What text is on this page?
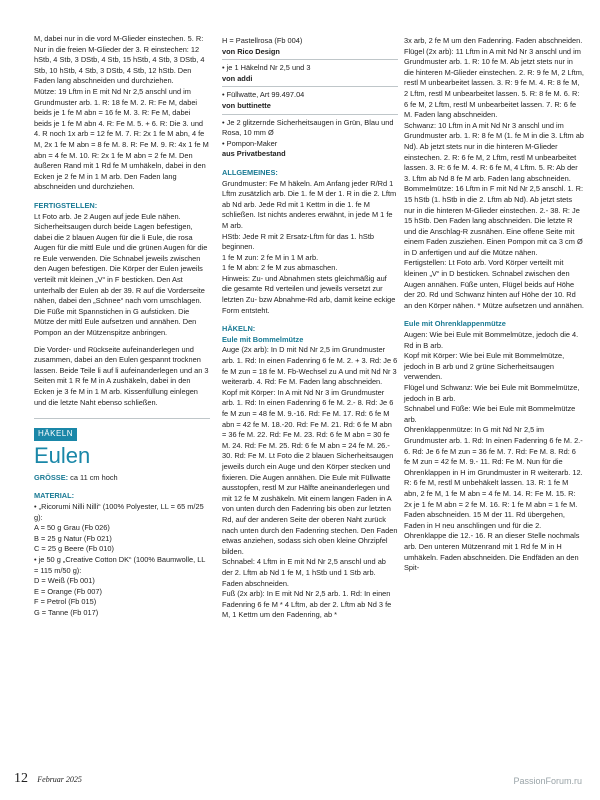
M, dabei nur in die vord M-Glieder einstechen. 5. R: Nur in die freien M-Glieder der 3. R einstechen: 12 hStb, 4 Stb, 3 DStb, 4 Stb, 15 hStb, 4 Stb, 3 DStb, 4 Stb, 10 hStb, 4 Stb, 3 DStb, 4 Stb, 12 hStb. Den Faden lang abschneiden und durchziehen.

Mütze: 19 Lftm in E mit Nd Nr 2,5 anschl und im Grundmuster arb. 1. R: 18 fe M. 2. R: Fe M, dabei beids je 1 fe M abn = 16 fe M. 3. R: Fe M, dabei beids je 1 fe M abn 4. R: Fe M. 5. + 6. R: Die 3. und 4. R noch 1x arb = 12 fe M. 7. R: 2x 1 fe M abn, 4 fe M, 2x 1 fe M abn = 8 fe M. 8. R: Fe M. 9. R: 4x 1 fe M abn = 4 fe M. 10. R: 2x 1 fe M abn = 2 fe M. Den äußeren Rand mit 1 Rd fe M umhäkeln, dabei in den Ecken je 2 fe M in 1 M arb. Den Faden lang abschneiden und durchziehen.

FERTIGSTELLEN:

Lt Foto arb. Je 2 Augen auf jede Eule nähen. Sicherheitsaugen durch beide Lagen befestigen, dabei die 2 blauen Augen für die li Eule, die rosa Augen für die mittl Eule und die grünen Augen für die re Eule verwenden. Die Schnabel jeweils zwischen den Augen befestigen. Die Körper der Eulen jeweils verteilt mit kleinen „V“ in F besticken. Den Ast unterhalb der Eulen ab der 39. R auf die Vorderseite nähen, dabei den „Schnee“ nach vorn umschlagen. Die Füße mit Spannstichen in G aufsticken. Die Mütze der mittl Eule aufsetzen und annähen. Den Pompon an der Mützenspitze anbringen.

Die Vorder- und Rückseite aufeinanderlegen und zusammen, dabei an den Eulen gespannt trocknen lassen. Beide Teile li auf li aufeinanderlegen und an 3 Seiten mit 1 R fe M in A zushäkeln, dabei in den Ecken je 3 fe M in 1 M arb. Kissenfüllung einlegen und die letzte Naht ebenso schließen.

HÄKELN
Eulen

GRÖSSE: ca 11 cm hoch

MATERIAL:

• „Ricorumi Nilli Nilli“ (100% Polyester, LL = 65 m/25 g):

A = 50 g Grau (Fb 026)

B = 25 g Natur (Fb 021)

C = 25 g Beere (Fb 010)

• je 50 g „Creative Cotton DK“ (100% Baumwolle, LL = 115 m/50 g):

D = Weiß (Fb 001)

E = Orange (Fb 007)

F = Petrol (Fb 015)

G = Tanne (Fb 017)

H = Pastellrosa (Fb 004)

von Rico Design

• je 1 Häkelnd Nr 2,5 und 3

von addi

• Füllwatte, Art 99.497.04

von buttinette

• Je 2 glitzernde Sicherheitsaugen in Grün, Blau und Rosa, 10 mm Ø

• Pompon-Maker

aus Privatbestand

ALLGEMEINES:

Grundmuster: Fe M häkeln. Am Anfang jeder R/Rd 1 Lftm zusätzlich arb. Die 1. fe M der 1. R in die 2. Lftm ab Nd arb. Jede Rd mit 1 Kettm in die 1. fe M schließen. Ist nichts anderes erwähnt, in jede M 1 fe M arb.

HStb: Jede R mit 2 Ersatz-Lftm für das 1. hStb beginnen.

1 fe M zun: 2 fe M in 1 M arb.

1 fe M abn: 2 fe M zus abmaschen.

Hinweis: Zu- und Abnahmen stets gleichmäßig auf die gesamte Rd verteilen und jeweils versetzt zur letzten Zu- bzw Abnahme-Rd arb, damit keine eckige Form entsteht.

HÄKELN:

Eule mit Bommelmütze

Auge (2x arb): In D mit Nd Nr 2,5 im Grundmuster arb. 1. Rd: In einen Fadenring 6 fe M. 2. + 3. Rd: Je 6 fe M zun = 18 fe M. Fb-Wechsel zu A und mit Nd Nr 3 weiterarb. 4. Rd: Fe M. Faden lang abschneiden.

Kopf mit Körper: In A mit Nd Nr 3 im Grundmuster arb. 1. Rd: In einen Fadenring 6 fe M. 2.- 8. Rd: Je 6 fe M zun = 48 fe M. 9.-16. Rd: Fe M. 17. Rd: 6 fe M abn = 42 fe M. 18.-20. Rd: Fe M. 21. Rd: 6 fe M abn = 36 fe M. 22. Rd: Fe M. 23. Rd: 6 fe M abn = 30 fe M. 24. Rd: Fe M. 25. Rd: 6 fe M abn = 24 fe M. 26.- 30. Rd: Fe M. Lt Foto die 2 blauen Sicherheitsaugen jeweils durch ein Auge und den Körper stecken und fixieren. Die Augen annähen. Die Eule mit Füllwatte ausstopfen, restl M zur Hälfte aneinanderlegen und mit 12 fe M zushäkeln. Mit einem langen Faden in A von unten durch den Fadenring bis oben zur letzten Rd, auf der anderen Seite der oberen Naht zurück nach unten durch den Fadenring stechen. Den Faden etwas anziehen, sodass sich oben kleine Ohrzipfel bilden.

Schnabel: 4 Lftm in E mit Nd Nr 2,5 anschl und ab der 2. Lftm ab Nd 1 fe M, 1 hStb und 1 Stb arb. Faden abschneiden.

Fuß (2x arb): In E mit Nd Nr 2,5 arb. 1. Rd: In einen Fadenring 6 fe M * 4 Lftm, ab der 2. Lftm ab Nd 3 fe M, 1 Kettm um den Fadenring, ab *

3x arb, 2 fe M um den Fadenring. Faden abschneiden.

Flügel (2x arb): 11 Lftm in A mit Nd Nr 3 anschl und im Grundmuster arb. 1. R: 10 fe M. Ab jetzt stets nur in die hinteren M-Glieder einstechen. 2. R: 9 fe M, 2 Lftm, restl M unbearbeitet lassen. 3. R: 9 fe M. 4. R: 8 fe M, 2 Lftm, restl M unbearbeitet lassen. 5. R: 8 fe M. 6. R: 6 fe M, 2 Lftm, restl M unbearbeitet lassen. 7. R: 6 fe M. Faden lang abschneiden.

Schwanz: 10 Lftm in A mit Nd Nr 3 anschl und im Grundmuster arb. 1. R: 8 fe M (1. fe M in die 3. Lftm ab Nd). Ab jetzt stets nur in die hinteren M-Glieder einstechen. 2. R: 6 fe M, 2 Lftm, restl M unbearbeitet lassen. 3. R: 6 fe M. 4. R: 6 fe M, 4 Lftm. 5. R: Ab der 3. Lftm ab Nd 8 fe M arb. Faden lang abschneiden.

Bommelmütze: 16 Lftm in F mit Nd Nr 2,5 anschl. 1. R: 15 hStb (1. hStb in die 2. Lftm ab Nd). Ab jetzt stets nur in die hinteren M-Glieder einstechen. 2.- 38. R: Je 15 hStb. Den Faden lang abschneiden. Die letzte R und die Anschlag-R zusnähen. Eine offene Seite mit einem Faden zusziehen. Einen Pompon mit ca 3 cm Ø in D anfertigen und auf die Mütze nähen.

Fertigstellen: Lt Foto arb. Vord Körper verteilt mit kleinen „V“ in D besticken. Schnabel zwischen den Augen annähen. Füße unten, Flügel beids auf Höhe der 20. Rd und Schwanz hinten auf Höhe der 10. Rd an den Körper nähen. * Mütze aufsetzen und annähen.

Eule mit Ohrenklappenmütze

Augen: Wie bei Eule mit Bommelmütze, jedoch die 4. Rd in B arb.

Kopf mit Körper: Wie bei Eule mit Bommelmütze, jedoch in B arb und 2 grüne Sicherheitsaugen verwenden.

Flügel und Schwanz: Wie bei Eule mit Bommelmütze, jedoch in B arb.

Schnabel und Füße: Wie bei Eule mit Bommelmütze arb.

Ohrenklappenmütze: In G mit Nd Nr 2,5 im Grundmuster arb. 1. Rd: In einen Fadenring 6 fe M. 2.- 6. Rd: Je 6 fe M zun = 36 fe M. 7. Rd: Fe M. 8. Rd: 6 fe M zun = 42 fe M. 9.- 11. Rd: Fe M. Nun für die Ohrenklappen in H im Grundmuster in R weiterarb. 12. R: 6 fe M, restl M unbehäkelt lassen. 13. R: 1 fe M abn, 2 fe M, 1 fe M abn = 4 fe M. 14. R: Fe M. 15. R: 2x je 1 fe M abn = 2 fe M. 16. R: 1 fe M abn = 1 fe M. Faden abschneiden. 15 M der 11. Rd übergehen, Faden in H neu anschlingen und für die 2. Ohrenklappe die 12.- 16. R an dieser Stelle nochmals arb. Den unteren Mützenrand mit 1 Rd fe M in H umhäkeln. Faden abschneiden. Die Endfäden an den Spit-

12 Februar 2025	PassionForum.ru
